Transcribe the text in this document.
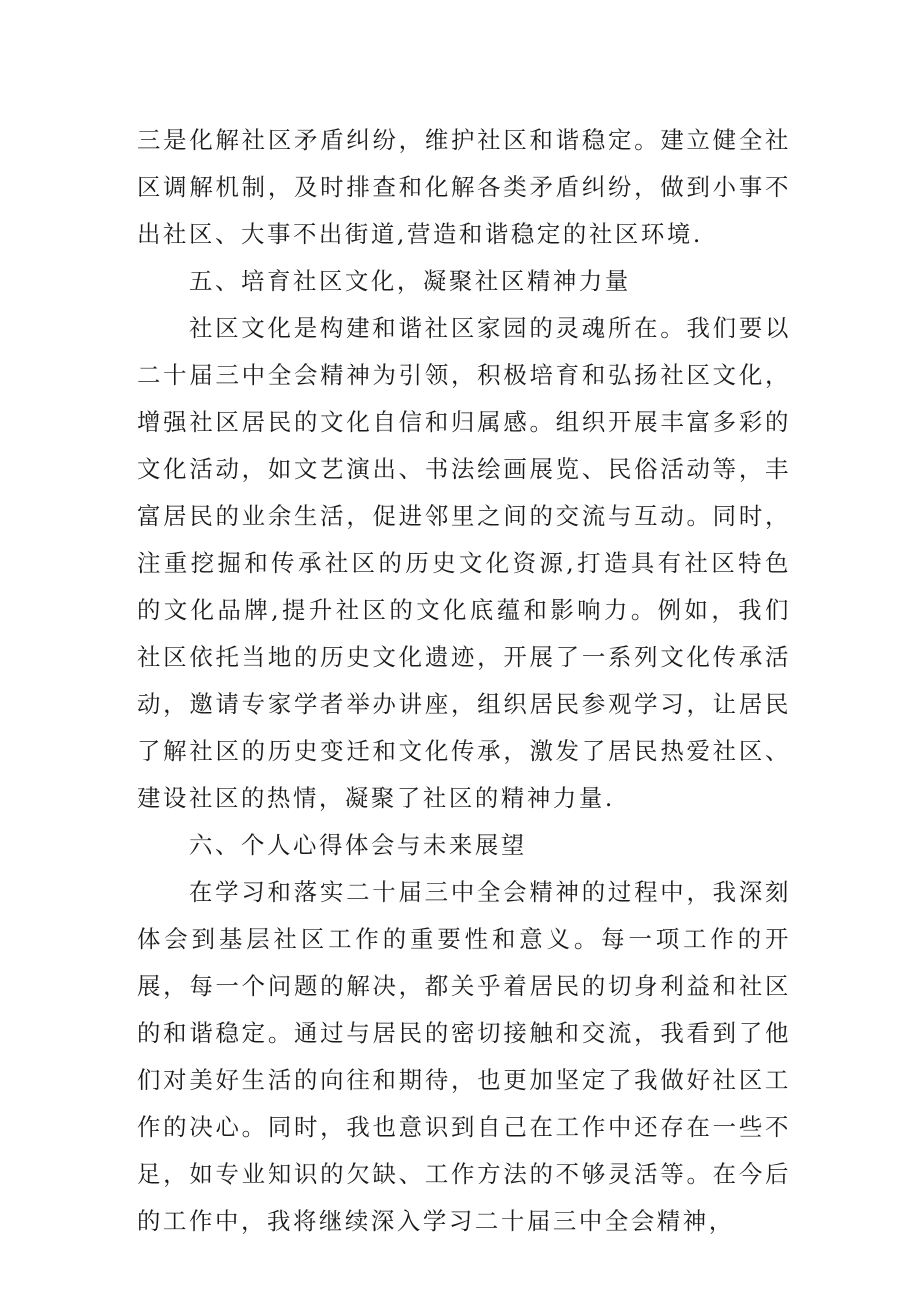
三是化解社区矛盾纠纷，维护社区和谐稳定。建立健全社区调解机制，及时排查和化解各类矛盾纠纷，做到小事不出社区、大事不出街道,营造和谐稳定的社区环境.

五、培育社区文化，凝聚社区精神力量

社区文化是构建和谐社区家园的灵魂所在。我们要以二十届三中全会精神为引领，积极培育和弘扬社区文化，增强社区居民的文化自信和归属感。组织开展丰富多彩的文化活动，如文艺演出、书法绘画展览、民俗活动等，丰富居民的业余生活，促进邻里之间的交流与互动。同时，注重挖掘和传承社区的历史文化资源,打造具有社区特色的文化品牌,提升社区的文化底蕴和影响力。例如，我们社区依托当地的历史文化遗迹，开展了一系列文化传承活动，邀请专家学者举办讲座，组织居民参观学习，让居民了解社区的历史变迁和文化传承，激发了居民热爱社区、建设社区的热情，凝聚了社区的精神力量.

六、个人心得体会与未来展望

在学习和落实二十届三中全会精神的过程中，我深刻体会到基层社区工作的重要性和意义。每一项工作的开展，每一个问题的解决，都关乎着居民的切身利益和社区的和谐稳定。通过与居民的密切接触和交流，我看到了他们对美好生活的向往和期待，也更加坚定了我做好社区工作的决心。同时，我也意识到自己在工作中还存在一些不足，如专业知识的欠缺、工作方法的不够灵活等。在今后的工作中，我将继续深入学习二十届三中全会精神，
